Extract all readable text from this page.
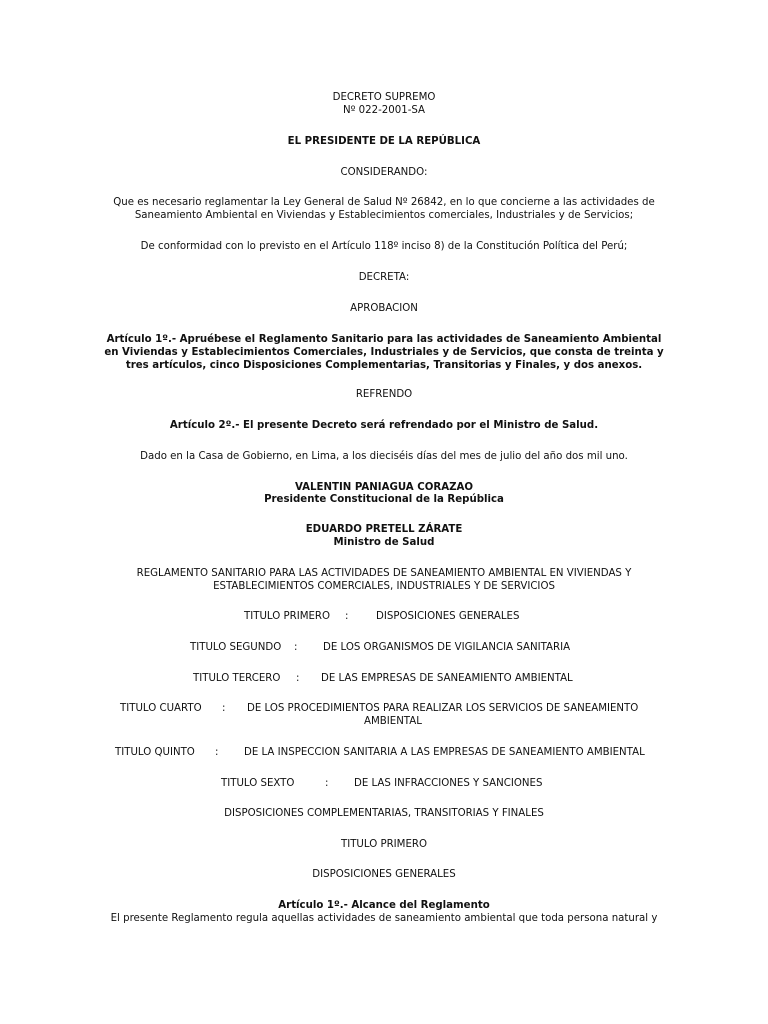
DECRETO SUPREMO
Nº 022-2001-SA
EL PRESIDENTE DE LA REPÚBLICA
CONSIDERANDO:
Que es necesario reglamentar la Ley General de Salud Nº 26842, en lo que concierne a las actividades de
Saneamiento Ambiental en Viviendas y Establecimientos comerciales, Industriales y de Servicios;
De conformidad con lo previsto en el Artículo 118º inciso 8) de la Constitución Política del Perú;
DECRETA:
APROBACION
Artículo 1º.- Apruébese el Reglamento Sanitario para las actividades de Saneamiento Ambiental
en Viviendas y Establecimientos Comerciales, Industriales y de Servicios, que consta de treinta y
tres artículos, cinco Disposiciones Complementarias, Transitorias y Finales, y dos anexos.
REFRENDO
Artículo 2º.- El presente Decreto será refrendado por el Ministro de Salud.
Dado en la Casa de Gobierno, en Lima, a los dieciséis días del mes de julio del año dos mil uno.
VALENTIN PANIAGUA CORAZAO
Presidente Constitucional de la República
EDUARDO PRETELL ZÁRATE
Ministro de Salud
REGLAMENTO SANITARIO PARA LAS ACTIVIDADES DE SANEAMIENTO AMBIENTAL EN VIVIENDAS Y
ESTABLECIMIENTOS COMERCIALES, INDUSTRIALES Y DE SERVICIOS
TITULO PRIMERO :	DISPOSICIONES GENERALES
TITULO SEGUNDO :	DE LOS ORGANISMOS DE VIGILANCIA SANITARIA
TITULO TERCERO : DE LAS EMPRESAS DE SANEAMIENTO AMBIENTAL
TITULO CUARTO : DE LOS PROCEDIMIENTOS PARA REALIZAR LOS SERVICIOS DE SANEAMIENTO
AMBIENTAL
TITULO QUINTO :	DE LA INSPECCION SANITARIA A LAS EMPRESAS DE SANEAMIENTO AMBIENTAL
TITULO SEXTO	:	DE LAS INFRACCIONES Y SANCIONES
DISPOSICIONES COMPLEMENTARIAS, TRANSITORIAS Y FINALES
TITULO PRIMERO
DISPOSICIONES GENERALES
Artículo 1º.- Alcance del Reglamento
El presente Reglamento regula aquellas actividades de saneamiento ambiental que toda persona natural y
